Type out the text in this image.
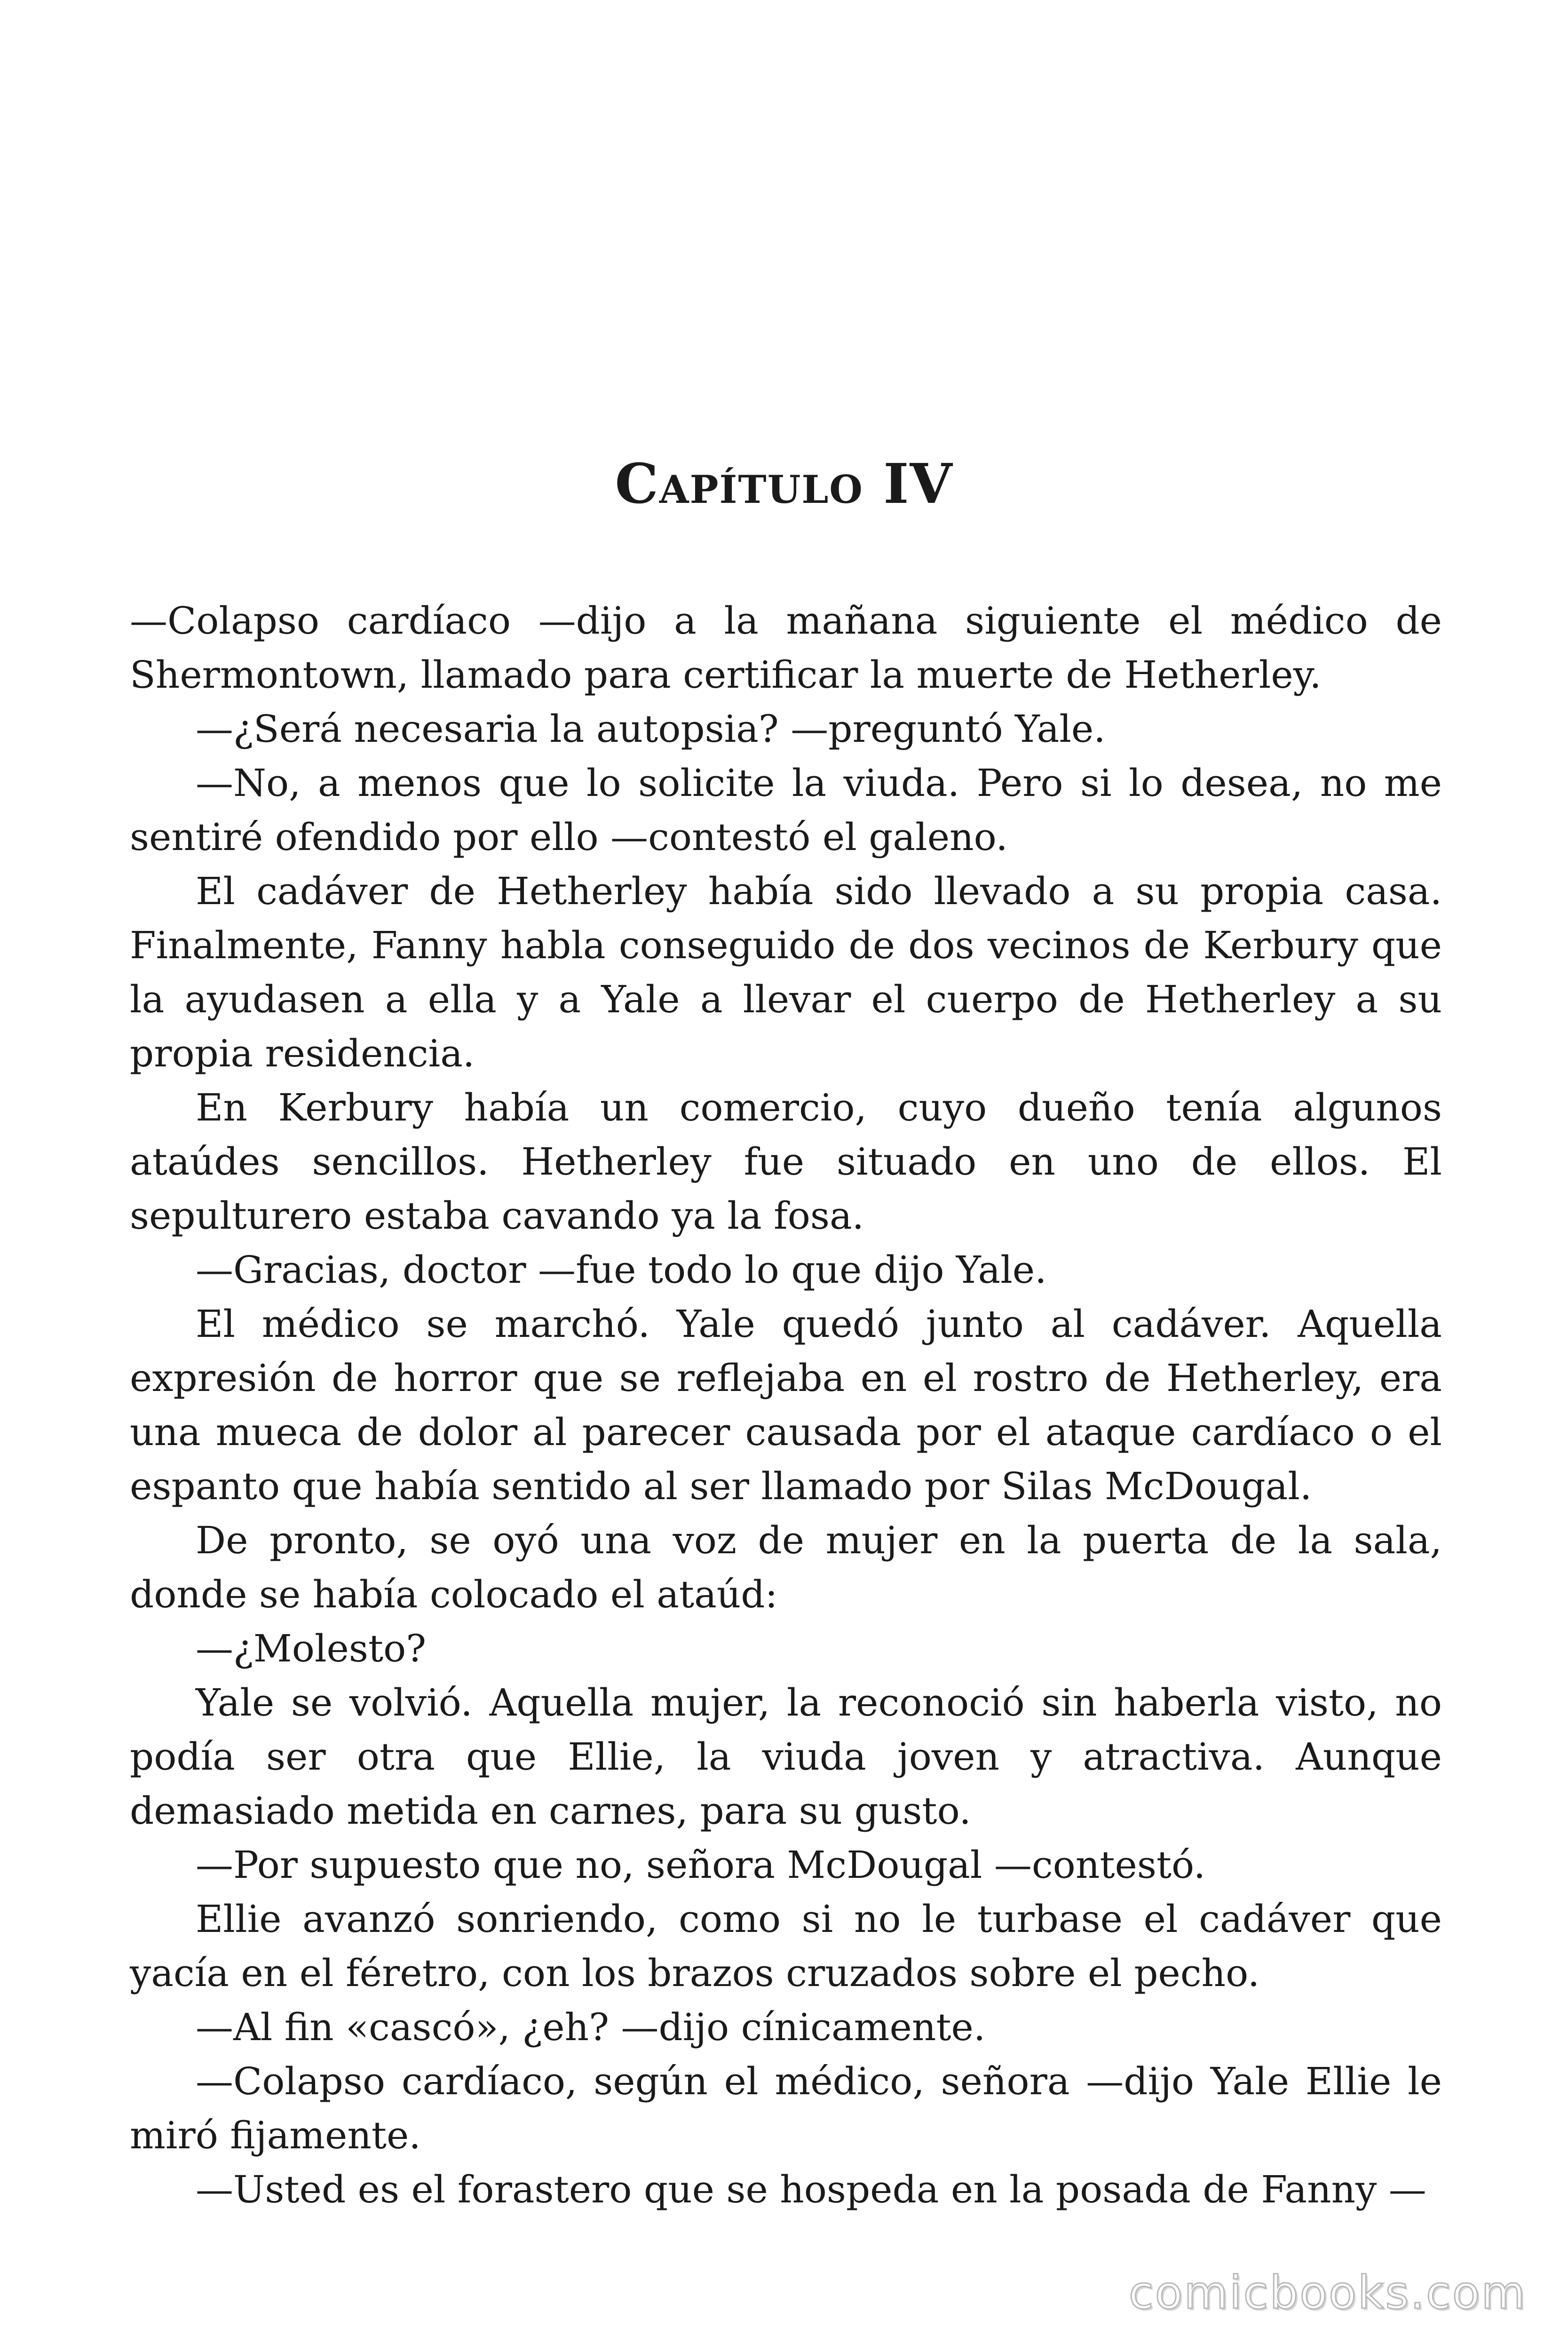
Capítulo IV

—Colapso cardíaco —dijo a la mañana siguiente el médico de Shermontown, llamado para certificar la muerte de Hetherley.

—¿Será necesaria la autopsia? —preguntó Yale.

—No, a menos que lo solicite la viuda. Pero si lo desea, no me sentiré ofendido por ello —contestó el galeno.

El cadáver de Hetherley había sido llevado a su propia casa. Finalmente, Fanny habla conseguido de dos vecinos de Kerbury que la ayudasen a ella y a Yale a llevar el cuerpo de Hetherley a su propia residencia.

En Kerbury había un comercio, cuyo dueño tenía algunos ataúdes sencillos. Hetherley fue situado en uno de ellos. El sepulturero estaba cavando ya la fosa.

—Gracias, doctor —fue todo lo que dijo Yale.

El médico se marchó. Yale quedó junto al cadáver. Aquella expresión de horror que se reflejaba en el rostro de Hetherley, era una mueca de dolor al parecer causada por el ataque cardíaco o el espanto que había sentido al ser llamado por Silas McDougal.

De pronto, se oyó una voz de mujer en la puerta de la sala, donde se había colocado el ataúd:

—¿Molesto?

Yale se volvió. Aquella mujer, la reconoció sin haberla visto, no podía ser otra que Ellie, la viuda joven y atractiva. Aunque demasiado metida en carnes, para su gusto.

—Por supuesto que no, señora McDougal —contestó.

Ellie avanzó sonriendo, como si no le turbase el cadáver que yacía en el féretro, con los brazos cruzados sobre el pecho.

—Al fin «cascó», ¿eh? —dijo cínicamente.

—Colapso cardíaco, según el médico, señora —dijo Yale Ellie le miró fijamente.

—Usted es el forastero que se hospeda en la posada de Fanny —

comicbooks.com
